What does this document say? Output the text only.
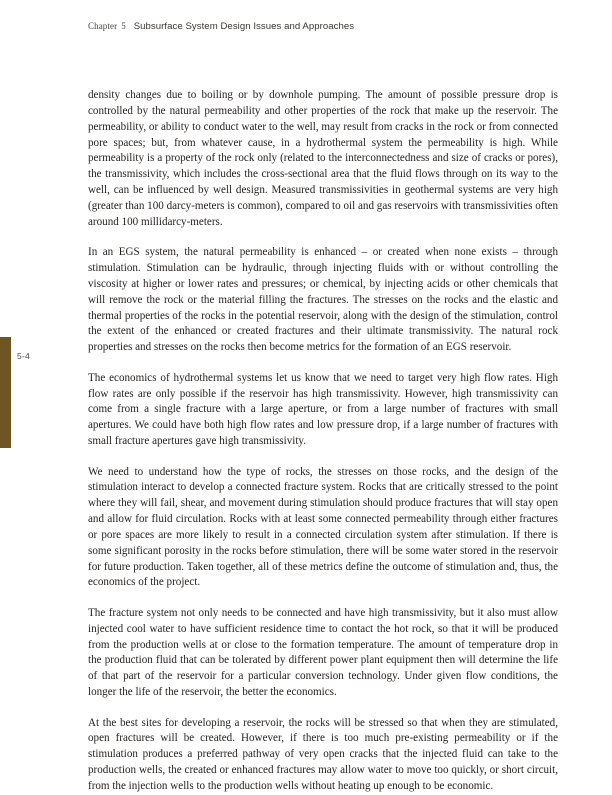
5-4
Chapter 5 Subsurface System Design Issues and Approaches

density changes due to boiling or by downhole pumping. The amount of possible pressure drop is controlled by the natural permeability and other properties of the rock that make up the reservoir. The permeability, or ability to conduct water to the well, may result from cracks in the rock or from connected pore spaces; but, from whatever cause, in a hydrothermal system the permeability is high. While permeability is a property of the rock only (related to the interconnectedness and size of cracks or pores), the transmissivity, which includes the cross-sectional area that the fluid flows through on its way to the well, can be influenced by well design. Measured transmissivities in geothermal systems are very high (greater than 100 darcy-meters is common), compared to oil and gas reservoirs with transmissivities often around 100 millidarcy-meters.

In an EGS system, the natural permeability is enhanced – or created when none exists – through stimulation. Stimulation can be hydraulic, through injecting fluids with or without controlling the viscosity at higher or lower rates and pressures; or chemical, by injecting acids or other chemicals that will remove the rock or the material filling the fractures. The stresses on the rocks and the elastic and thermal properties of the rocks in the potential reservoir, along with the design of the stimulation, control the extent of the enhanced or created fractures and their ultimate transmissivity. The natural rock properties and stresses on the rocks then become metrics for the formation of an EGS reservoir.

The economics of hydrothermal systems let us know that we need to target very high flow rates. High flow rates are only possible if the reservoir has high transmissivity. However, high transmissivity can come from a single fracture with a large aperture, or from a large number of fractures with small apertures. We could have both high flow rates and low pressure drop, if a large number of fractures with small fracture apertures gave high transmissivity.

We need to understand how the type of rocks, the stresses on those rocks, and the design of the stimulation interact to develop a connected fracture system. Rocks that are critically stressed to the point where they will fail, shear, and movement during stimulation should produce fractures that will stay open and allow for fluid circulation. Rocks with at least some connected permeability through either fractures or pore spaces are more likely to result in a connected circulation system after stimulation. If there is some significant porosity in the rocks before stimulation, there will be some water stored in the reservoir for future production. Taken together, all of these metrics define the outcome of stimulation and, thus, the economics of the project.

The fracture system not only needs to be connected and have high transmissivity, but it also must allow injected cool water to have sufficient residence time to contact the hot rock, so that it will be produced from the production wells at or close to the formation temperature. The amount of temperature drop in the production fluid that can be tolerated by different power plant equipment then will determine the life of that part of the reservoir for a particular conversion technology. Under given flow conditions, the longer the life of the reservoir, the better the economics.

At the best sites for developing a reservoir, the rocks will be stressed so that when they are stimulated, open fractures will be created. However, if there is too much pre-existing permeability or if the stimulation produces a preferred pathway of very open cracks that the injected fluid can take to the production wells, the created or enhanced fractures may allow water to move too quickly, or short circuit, from the injection wells to the production wells without heating up enough to be economic.
